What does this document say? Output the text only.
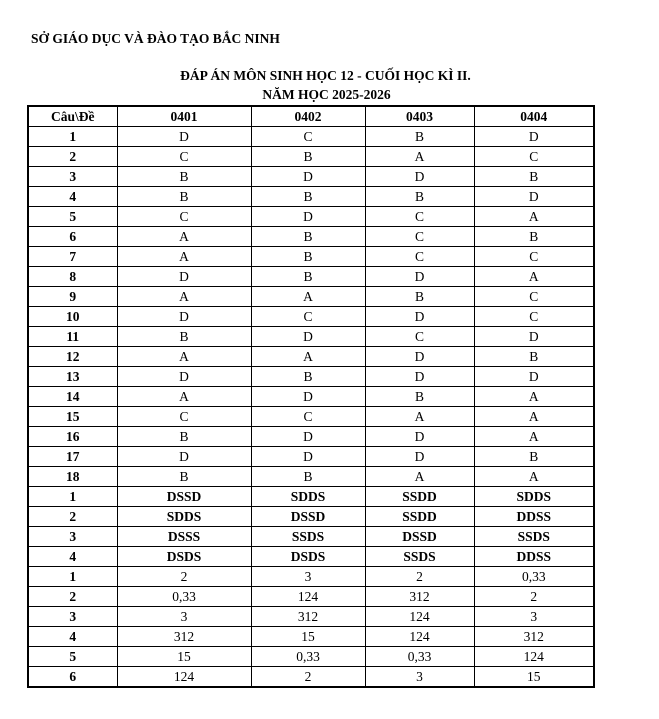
SỞ GIÁO DỤC VÀ ĐÀO TẠO BẮC NINH
ĐÁP ÁN MÔN SINH HỌC 12 - CUỐI HỌC KÌ II.
NĂM HỌC 2025-2026
Câu\Đề	0401	0402	0403	0404
1	D	C	B	D
2	C	B	A	C
3	B	D	D	B
4	B	B	B	D
5	C	D	C	A
6	A	B	C	B
7	A	B	C	C
8	D	B	D	A
9	A	A	B	C
10	D	C	D	C
11	B	D	C	D
12	A	A	D	B
13	D	B	D	D
14	A	D	B	A
15	C	C	A	A
16	B	D	D	A
17	D	D	D	B
18	B	B	A	A
1	DSSD	SDDS	SSDD	SDDS
2	SDDS	DSSD	SSDD	DDSS
3	DSSS	SSDS	DSSD	SSDS
4	DSDS	DSDS	SSDS	DDSS
1	2	3	2	0,33
2	0,33	124	312	2
3	3	312	124	3
4	312	15	124	312
5	15	0,33	0,33	124
6	124	2	3	15
